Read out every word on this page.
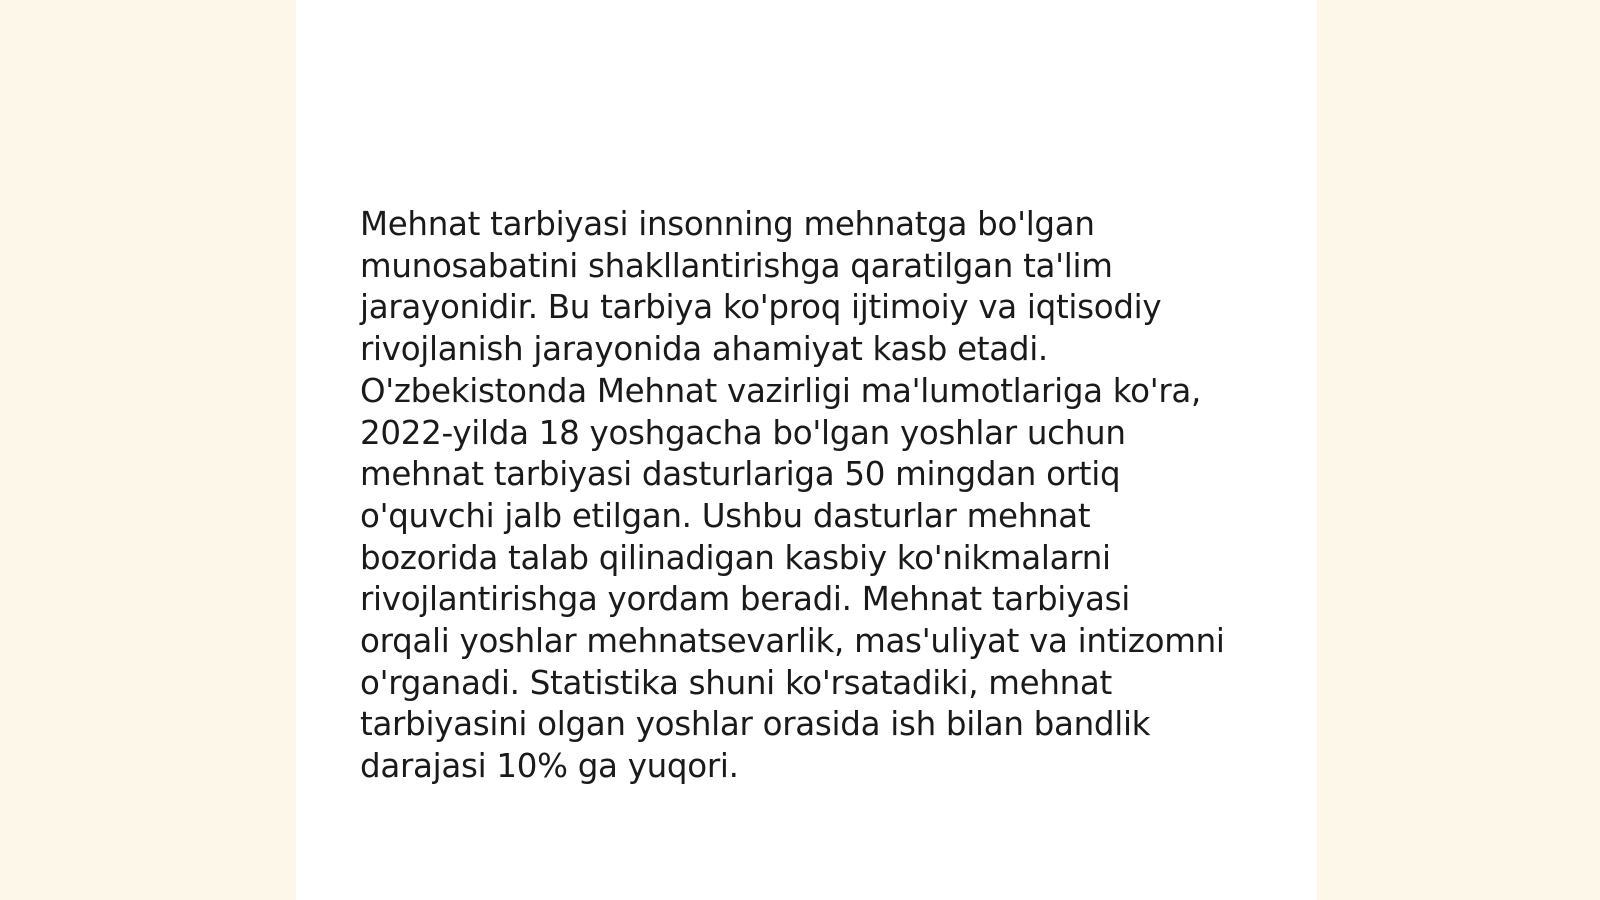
Mehnat tarbiyasi insonning mehnatga bo'lgan
munosabatini shakllantirishga qaratilgan ta'lim
jarayonidir. Bu tarbiya ko'proq ijtimoiy va iqtisodiy
rivojlanish jarayonida ahamiyat kasb etadi.
O'zbekistonda Mehnat vazirligi ma'lumotlariga ko'ra,
2022-yilda 18 yoshgacha bo'lgan yoshlar uchun
mehnat tarbiyasi dasturlariga 50 mingdan ortiq
o'quvchi jalb etilgan. Ushbu dasturlar mehnat
bozorida talab qilinadigan kasbiy ko'nikmalarni
rivojlantirishga yordam beradi. Mehnat tarbiyasi
orqali yoshlar mehnatsevarlik, mas'uliyat va intizomni
o'rganadi. Statistika shuni ko'rsatadiki, mehnat
tarbiyasini olgan yoshlar orasida ish bilan bandlik
darajasi 10% ga yuqori.
